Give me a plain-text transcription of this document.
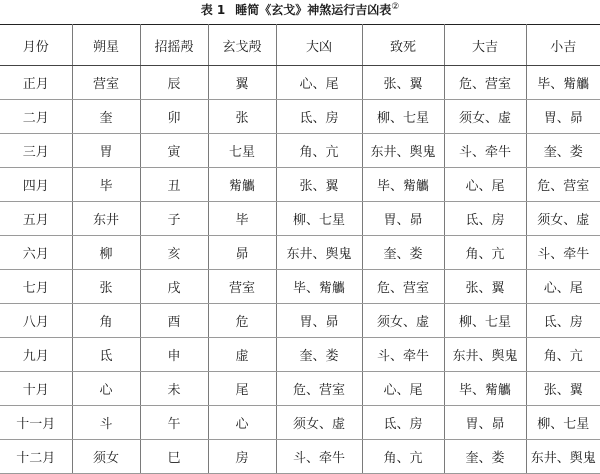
表 1 睡简《玄戈》神煞运行吉凶表②
月份	朔星	招摇殸	玄戈殸	大凶	致死	大吉	小吉
正月	营室	辰	翼	心、尾	张、翼	危、营室	毕、觜觿
二月	奎	卯	张	氐、房	柳、七星	须女、虚	胃、昴
三月	胃	寅	七星	角、亢	东井、舆鬼	斗、牵牛	奎、娄
四月	毕	丑	觜觿	张、翼	毕、觜觿	心、尾	危、营室
五月	东井	子	毕	柳、七星	胃、昴	氐、房	须女、虚
六月	柳	亥	昴	东井、舆鬼	奎、娄	角、亢	斗、牵牛
七月	张	戌	营室	毕、觜觿	危、营室	张、翼	心、尾
八月	角	酉	危	胃、昴	须女、虚	柳、七星	氐、房
九月	氐	申	虚	奎、娄	斗、牵牛	东井、舆鬼	角、亢
十月	心	未	尾	危、营室	心、尾	毕、觜觿	张、翼
十一月	斗	午	心	须女、虚	氐、房	胃、昴	柳、七星
十二月	须女	巳	房	斗、牵牛	角、亢	奎、娄	东井、舆鬼
